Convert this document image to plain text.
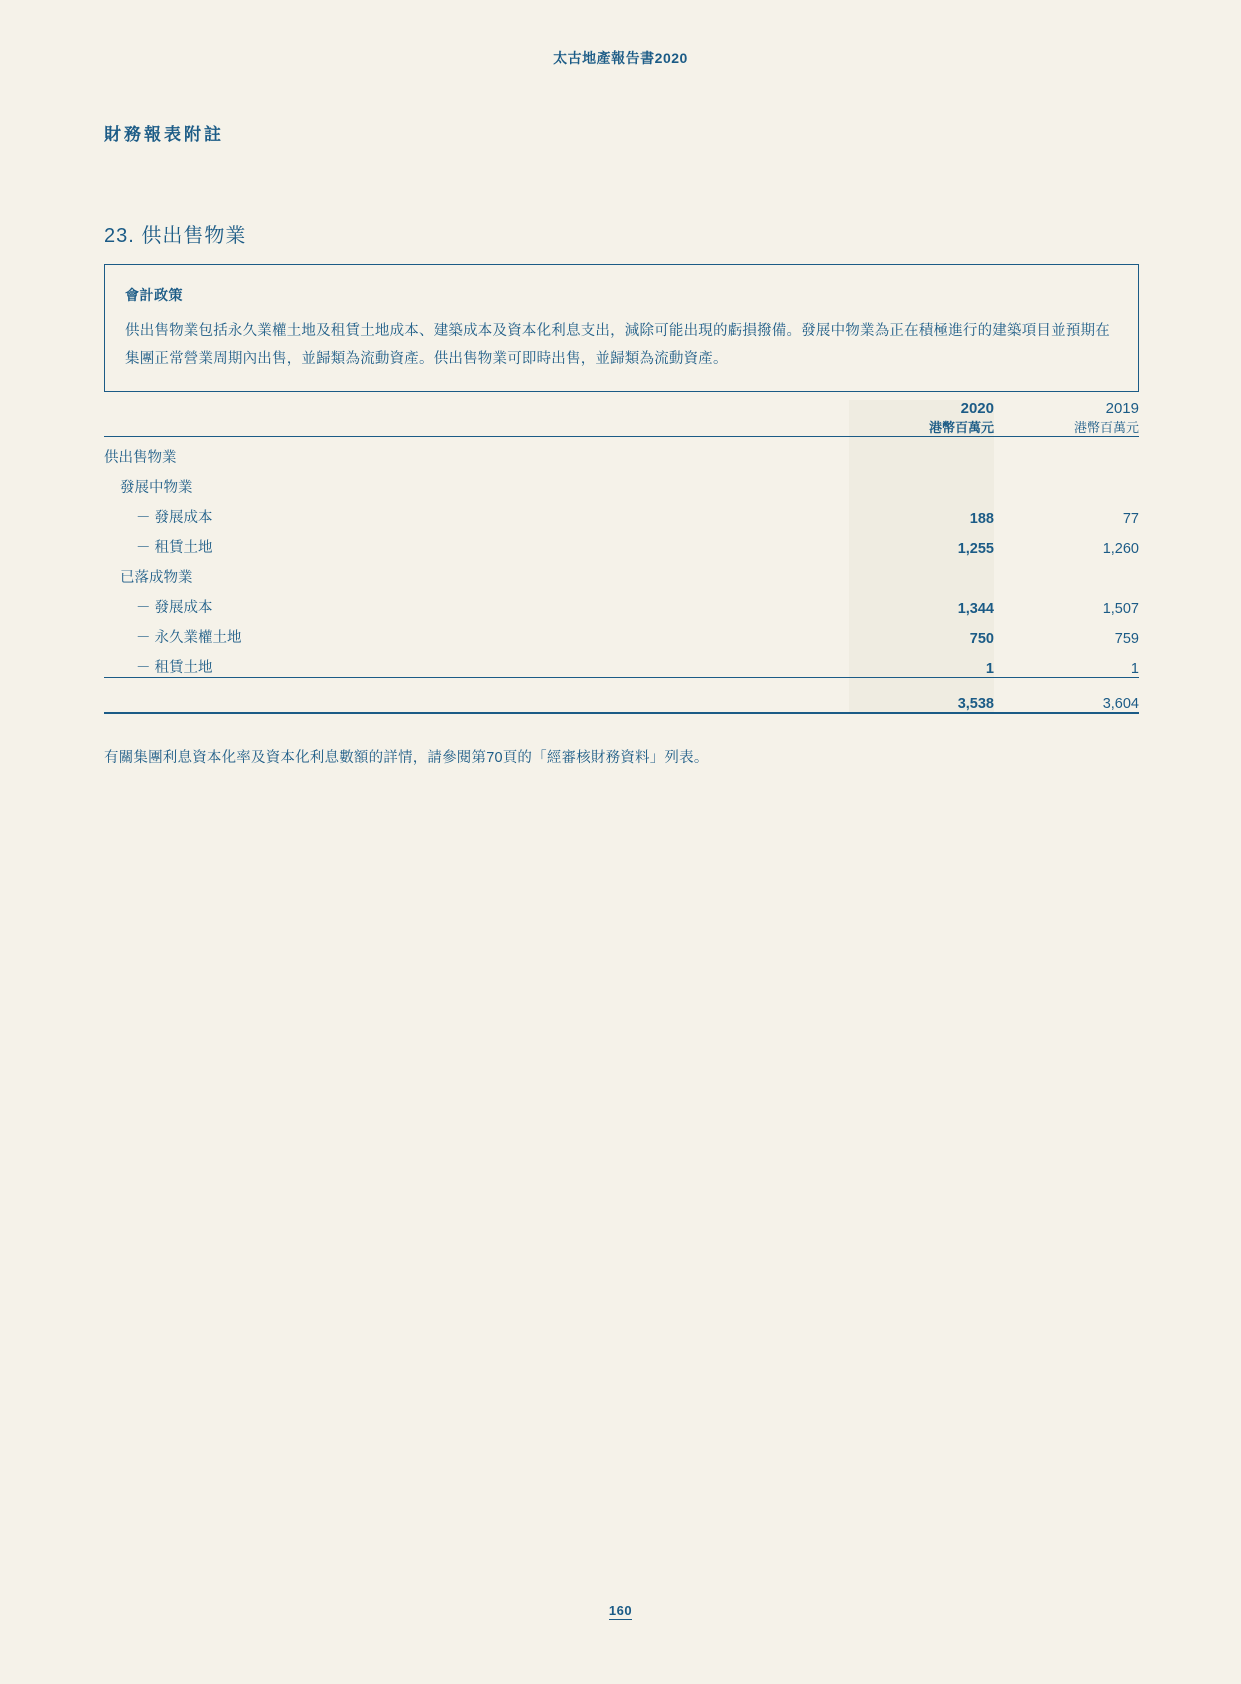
太古地產報告書2020
財務報表附註
23. 供出售物業
會計政策
供出售物業包括永久業權土地及租賃土地成本、建築成本及資本化利息支出，減除可能出現的虧損撥備。發展中物業為正在積極進行的建築項目並預期在集團正常營業周期內出售，並歸類為流動資產。供出售物業可即時出售，並歸類為流動資產。
	2020	2019
	港幣百萬元	港幣百萬元

供出售物業		
發展中物業		
－ 發展成本	188	77
－ 租賃土地	1,255	1,260
已落成物業		
－ 發展成本	1,344	1,507
－ 永久業權土地	750	759
－ 租賃土地	1	1
	3,538	3,604

有關集團利息資本化率及資本化利息數額的詳情，請參閱第70頁的「經審核財務資料」列表。
160
